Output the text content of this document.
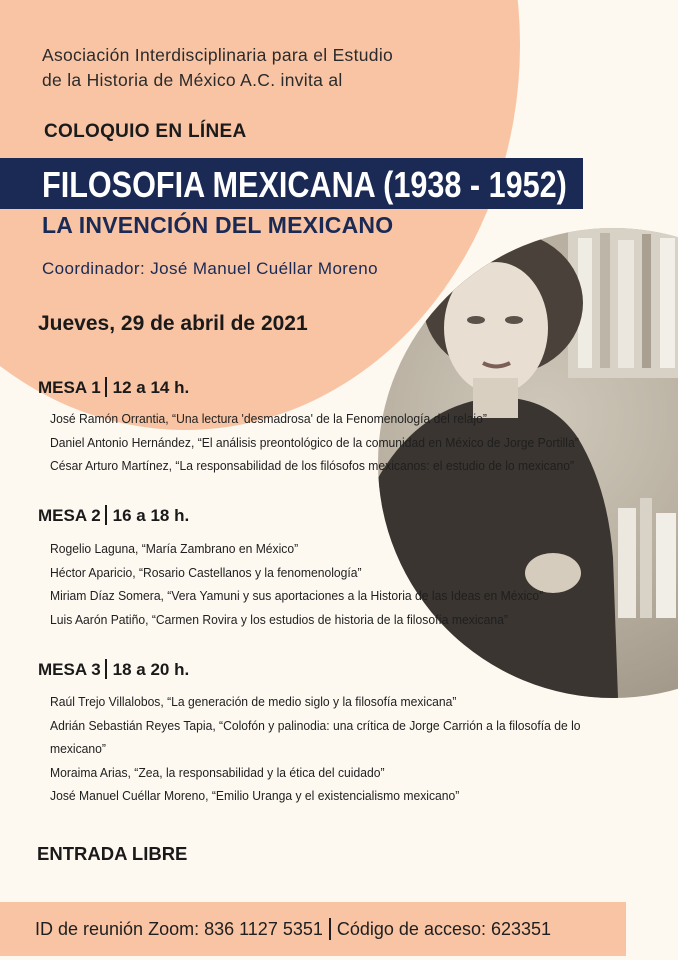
Asociación Interdisciplinaria para el Estudio
de la Historia de México A.C. invita al
COLOQUIO EN LÍNEA
FILOSOFIA MEXICANA (1938 - 1952)
LA INVENCIÓN DEL MEXICANO
Coordinador: José Manuel Cuéllar Moreno
Jueves, 29 de abril de 2021
MESA 1 12 a 14 h.
José Ramón Orrantia, “Una lectura 'desmadrosa' de la Fenomenología del relajo”
Daniel Antonio Hernández, “El análisis preontológico de la comunidad en México de Jorge Portilla”
César Arturo Martínez, “La responsabilidad de los filósofos mexicanos: el estudio de lo mexicano”
MESA 2 16 a 18 h.
Rogelio Laguna, “María Zambrano en México”
Héctor Aparicio, “Rosario Castellanos y la fenomenología”
Miriam Díaz Somera, “Vera Yamuni y sus aportaciones a la Historia de las Ideas en México”
Luis Aarón Patiño, “Carmen Rovira y los estudios de historia de la filosofía mexicana”
MESA 3 18 a 20 h.
Raúl Trejo Villalobos, “La generación de medio siglo y la filosofía mexicana”
Adrián Sebastián Reyes Tapia, “Colofón y palinodia: una crítica de Jorge Carrión a la filosofía de lo mexicano”
Moraima Arias, “Zea, la responsabilidad y la ética del cuidado”
José Manuel Cuéllar Moreno, “Emilio Uranga y el existencialismo mexicano”
ENTRADA LIBRE
ID de reunión Zoom: 836 1127 5351 Código de acceso: 623351
